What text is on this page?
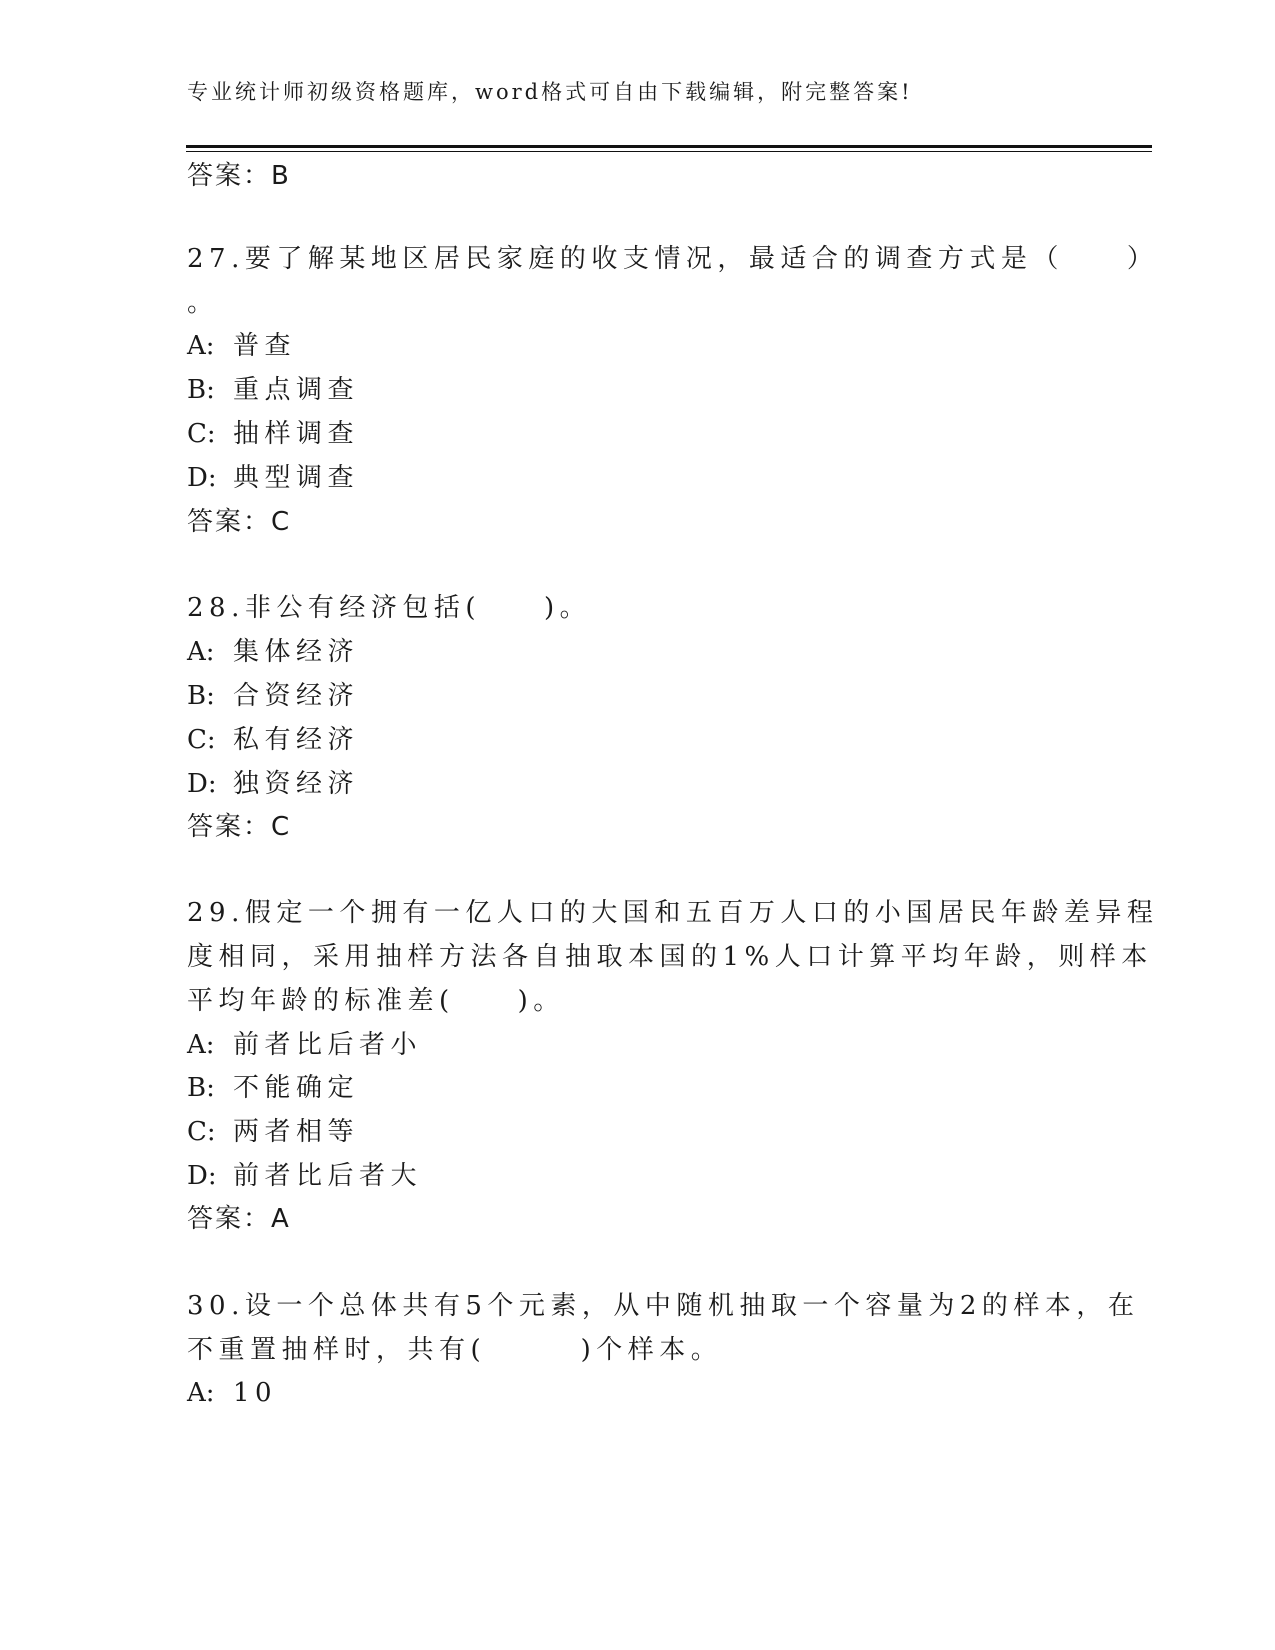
专业统计师初级资格题库，word格式可自由下载编辑，附完整答案!
答案：B
27.要了解某地区居民家庭的收支情况，最适合的调查方式是（　　）
。
A: 普查
B: 重点调查
C: 抽样调查
D: 典型调查
答案：C
28.非公有经济包括(　　)。
A: 集体经济
B: 合资经济
C: 私有经济
D: 独资经济
答案：C
29.假定一个拥有一亿人口的大国和五百万人口的小国居民年龄差异程
度相同，采用抽样方法各自抽取本国的1%人口计算平均年龄，则样本
平均年龄的标准差(　　)。
A: 前者比后者小
B: 不能确定
C: 两者相等
D: 前者比后者大
答案：A
30.设一个总体共有5个元素，从中随机抽取一个容量为2的样本，在
不重置抽样时，共有(　　　)个样本。
A: 10
